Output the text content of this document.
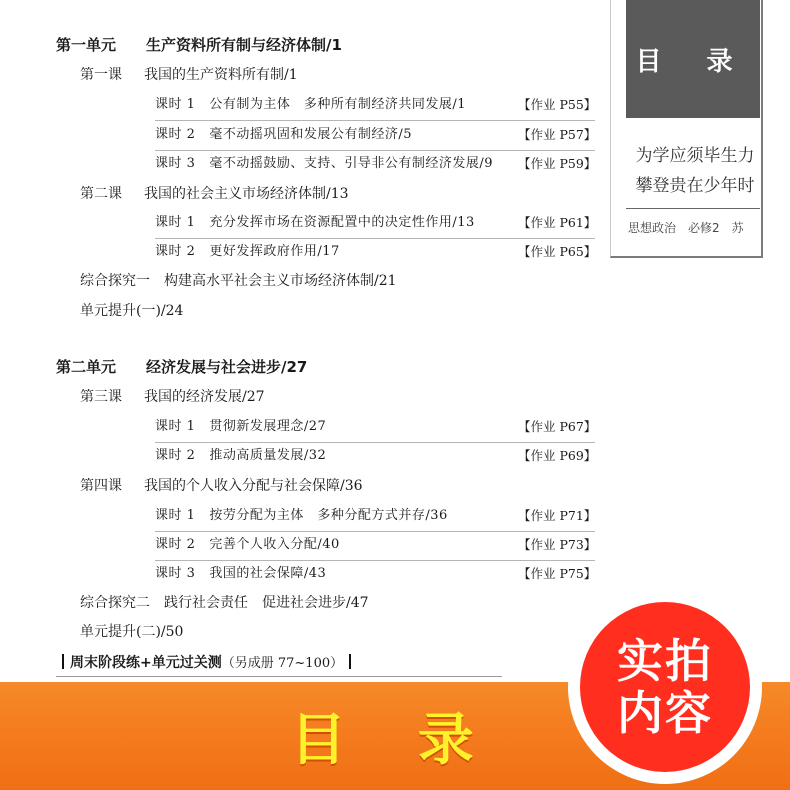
目 录
为学应须毕生力
攀登贵在少年时
思想政治　必修2　苏
第一单元 生产资料所有制与经济体制/1
第一课 我国的生产资料所有制/1
课时 1 公有制为主体　多种所有制经济共同发展/1	【作业 P55】
课时 2 毫不动摇巩固和发展公有制经济/5	【作业 P57】
课时 3 毫不动摇鼓励、支持、引导非公有制经济发展/9 【作业 P59】
第二课 我国的社会主义市场经济体制/13
课时 1 充分发挥市场在资源配置中的决定性作用/13	【作业 P61】
课时 2 更好发挥政府作用/17	【作业 P65】
综合探究一　构建高水平社会主义市场经济体制/21
单元提升(一)/24
第二单元 经济发展与社会进步/27
第三课 我国的经济发展/27
课时 1 贯彻新发展理念/27	【作业 P67】
课时 2 推动高质量发展/32	【作业 P69】
第四课 我国的个人收入分配与社会保障/36
课时 1 按劳分配为主体　多种分配方式并存/36	【作业 P71】
课时 2 完善个人收入分配/40	【作业 P73】
课时 3 我国的社会保障/43	【作业 P75】
综合探究二　践行社会责任　促进社会进步/47
单元提升(二)/50
周末阶段练+单元过关测（另成册 77~100）
目 录
实拍
内容
